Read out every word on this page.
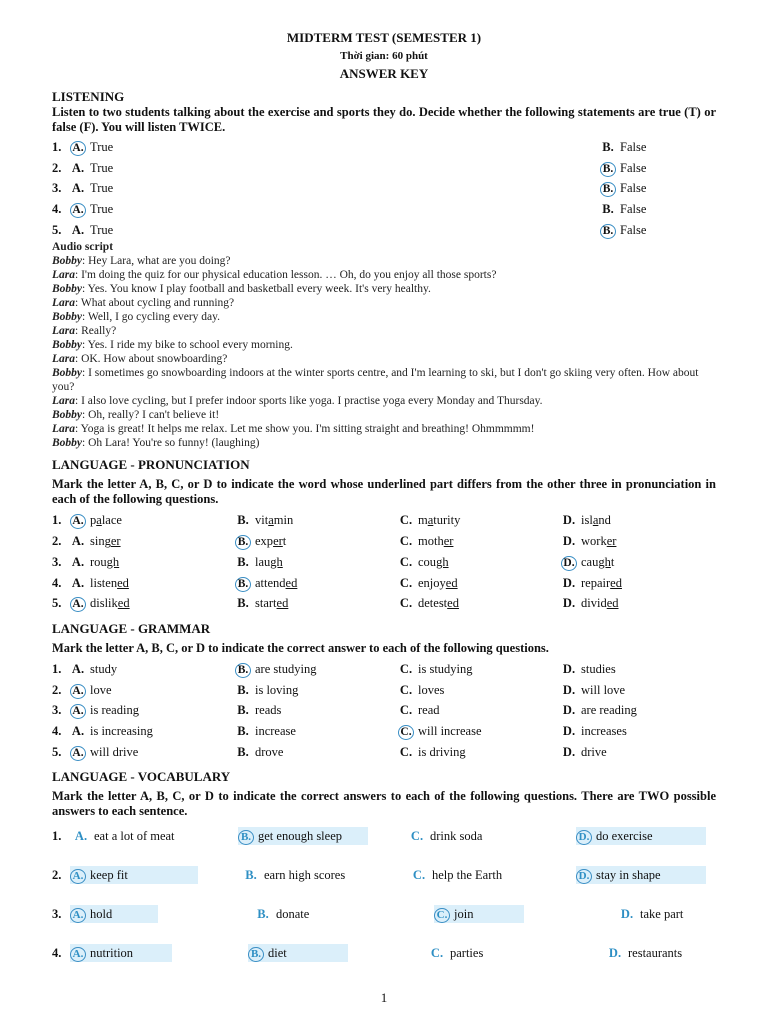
MIDTERM TEST (SEMESTER 1)
Thời gian: 60 phút
ANSWER KEY
LISTENING
Listen to two students talking about the exercise and sports they do. Decide whether the following statements are true (T) or false (F). You will listen TWICE.
1. A. True	B. False
2. A. True	B. False
3. A. True	B. False
4. A. True	B. False
5. A. True	B. False
Audio script
Bobby: Hey Lara, what are you doing?
Lara: I'm doing the quiz for our physical education lesson. … Oh, do you enjoy all those sports?
Bobby: Yes. You know I play football and basketball every week. It's very healthy.
Lara: What about cycling and running?
Bobby: Well, I go cycling every day.
Lara: Really?
Bobby: Yes. I ride my bike to school every morning.
Lara: OK. How about snowboarding?
Bobby: I sometimes go snowboarding indoors at the winter sports centre, and I'm learning to ski, but I don't go skiing very often. How about you?
Lara: I also love cycling, but I prefer indoor sports like yoga. I practise yoga every Monday and Thursday.
Bobby: Oh, really? I can't believe it!
Lara: Yoga is great! It helps me relax. Let me show you. I'm sitting straight and breathing! Ohmmmmm!
Bobby: Oh Lara! You're so funny! (laughing)
LANGUAGE - PRONUNCIATION
Mark the letter A, B, C, or D to indicate the word whose underlined part differs from the other three in pronunciation in each of the following questions.
1. A. palace	B. vitamin	C. maturity	D. island
2. A. singer	B. expert	C. mother	D. worker
3. A. rough	B. laugh	C. cough	D. caught
4. A. listened	B. attended	C. enjoyed	D. repaired
5. A. disliked	B. started	C. detested	D. divided
LANGUAGE - GRAMMAR
Mark the letter A, B, C, or D to indicate the correct answer to each of the following questions.
1. A. study	B. are studying	C. is studying	D. studies
2. A. love	B. is loving	C. loves	D. will love
3. A. is reading	B. reads	C. read	D. are reading
4. A. is increasing	B. increase	C. will increase	D. increases
5. A. will drive	B. drove	C. is driving	D. drive
LANGUAGE - VOCABULARY
Mark the letter A, B, C, or D to indicate the correct answers to each of the following questions. There are TWO possible answers to each sentence.
1. A. eat a lot of meat	B. get enough sleep	C. drink soda	D. do exercise
2. A. keep fit	B. earn high scores	C. help the Earth	D. stay in shape
3. A. hold	B. donate	C. join	D. take part
4. A. nutrition	B. diet	C. parties	D. restaurants
1
